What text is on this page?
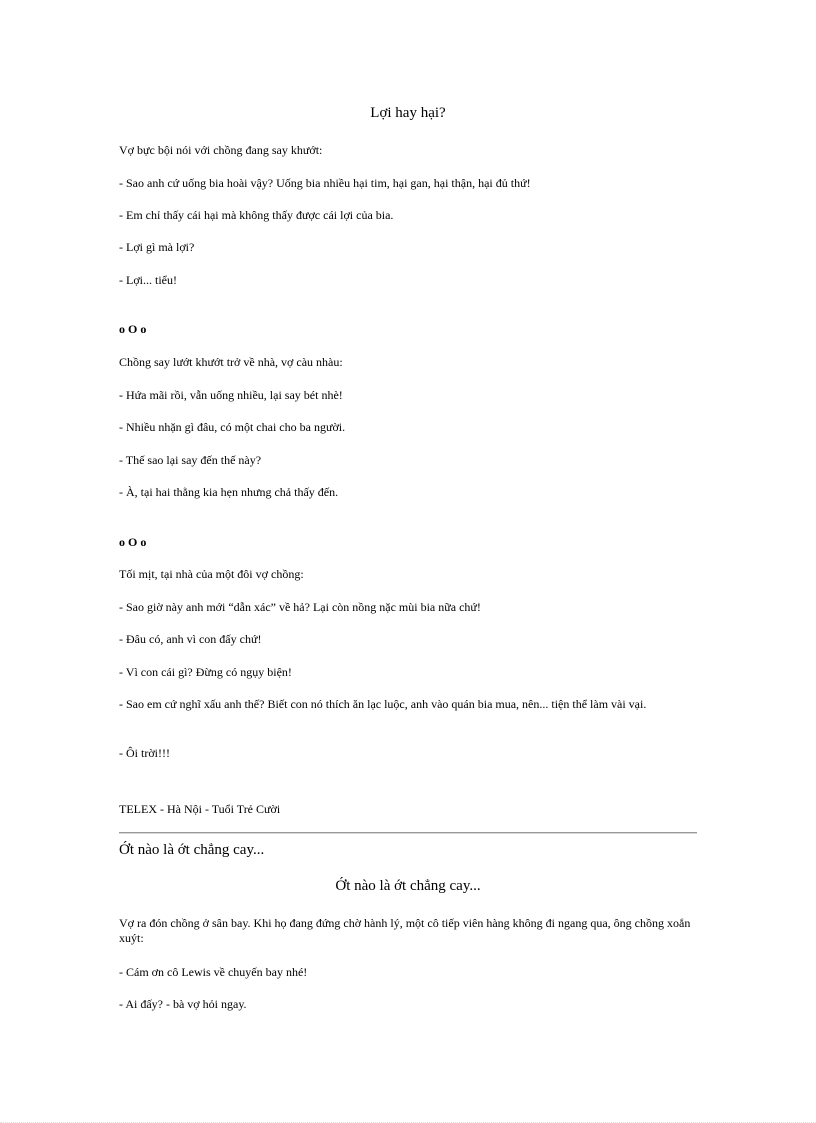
Lợi hay hại?
Vợ bực bội nói với chồng đang say khướt:
- Sao anh cứ uống bia hoài vậy? Uống bia nhiều hại tim, hại gan, hại thận, hại đủ thứ!
- Em chỉ thấy cái hại mà không thấy được cái lợi của bia.
- Lợi gì mà lợi?
- Lợi... tiểu!
o O o
Chồng say lướt khướt trở về nhà, vợ càu nhàu:
- Hứa mãi rồi, vẫn uống nhiều, lại say bét nhè!
- Nhiều nhặn gì đâu, có một chai cho ba người.
- Thế sao lại say đến thế này?
- À, tại hai thằng kia hẹn nhưng chả thấy đến.
o O o
Tối mịt, tại nhà của một đôi vợ chồng:
- Sao giờ này anh mới “dẫn xác” về hả? Lại còn nồng nặc mùi bia nữa chứ!
- Đâu có, anh vì con đấy chứ!
- Vì con cái gì? Đừng có ngụy biện!
- Sao em cứ nghĩ xấu anh thế? Biết con nó thích ăn lạc luộc, anh vào quán bia mua, nên... tiện thể làm vài vại.
- Ôi trời!!!
TELEX - Hà Nội - Tuổi Trẻ Cười
Ớt nào là ớt chẳng cay...
Ớt nào là ớt chẳng cay...
Vợ ra đón chồng ở sân bay. Khi họ đang đứng chờ hành lý, một cô tiếp viên hàng không đi ngang qua, ông chồng xoắn xuýt:
- Cám ơn cô Lewis về chuyến bay nhé!
- Ai đấy? - bà vợ hỏi ngay.
